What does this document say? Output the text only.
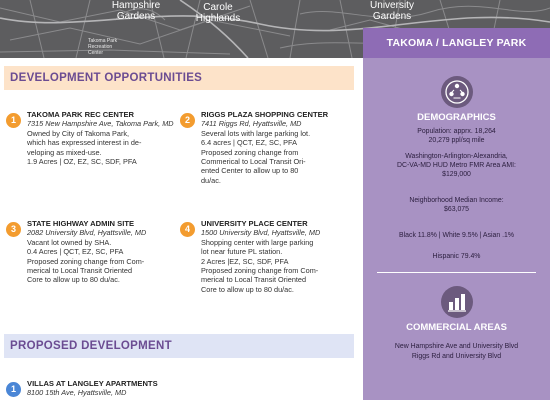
Hampshire
Gardens
Carole
Highlands
University
Gardens
Takoma Park
Recreation
Center
TAKOMA / LANGLEY PARK
DEMOGRAPHICS
Population: apprx. 18,264
20,279 ppl/sq mile
Washington-Arlington-Alexandria,
DC-VA-MD HUD Metro FMR Area AMI:
$129,000
Neighborhood Median Income:
$63,075
Black 11.8% | White 9.5% | Asian .1%
Hispanic 79.4%
COMMERCIAL AREAS
New Hampshire Ave and University Blvd
Riggs Rd and University Blvd
DEVELOPMENT OPPORTUNITIES
1
TAKOMA PARK REC CENTER
7315 New Hampshire Ave, Takoma Park, MD
Owned by City of Takoma Park,
which has expressed interest in de-
veloping as mixed-use.
1.9 Acres | OZ, EZ, SC, SDF, PFA
2
RIGGS PLAZA SHOPPING CENTER
7411 Riggs Rd, Hyattsville, MD
Several lots with large parking lot.
6.4 acres | QCT, EZ, SC, PFA
Proposed zoning change from
Commerical to Local Transit Ori-
ented Center to allow up to 80
du/ac.
3
STATE HIGHWAY ADMIN SITE
2082 University Blvd, Hyattsville, MD
Vacant lot owned by SHA.
0.4 Acres | QCT, EZ, SC, PFA
Proposed zoning change from Com-
merical to Local Transit Oriented
Core to allow up to 80 du/ac.
4
UNIVERSITY PLACE CENTER
1500 University Blvd, Hyattsville, MD
Shopping center with large parking
lot near future PL station.
2 Acres |EZ, SC, SDF, PFA
Proposed zoning change from Com-
merical to Local Transit Oriented
Core to allow up to 80 du/ac.
PROPOSED DEVELOPMENT
1
VILLAS AT LANGLEY APARTMENTS
8100 15th Ave, Hyattsville, MD
